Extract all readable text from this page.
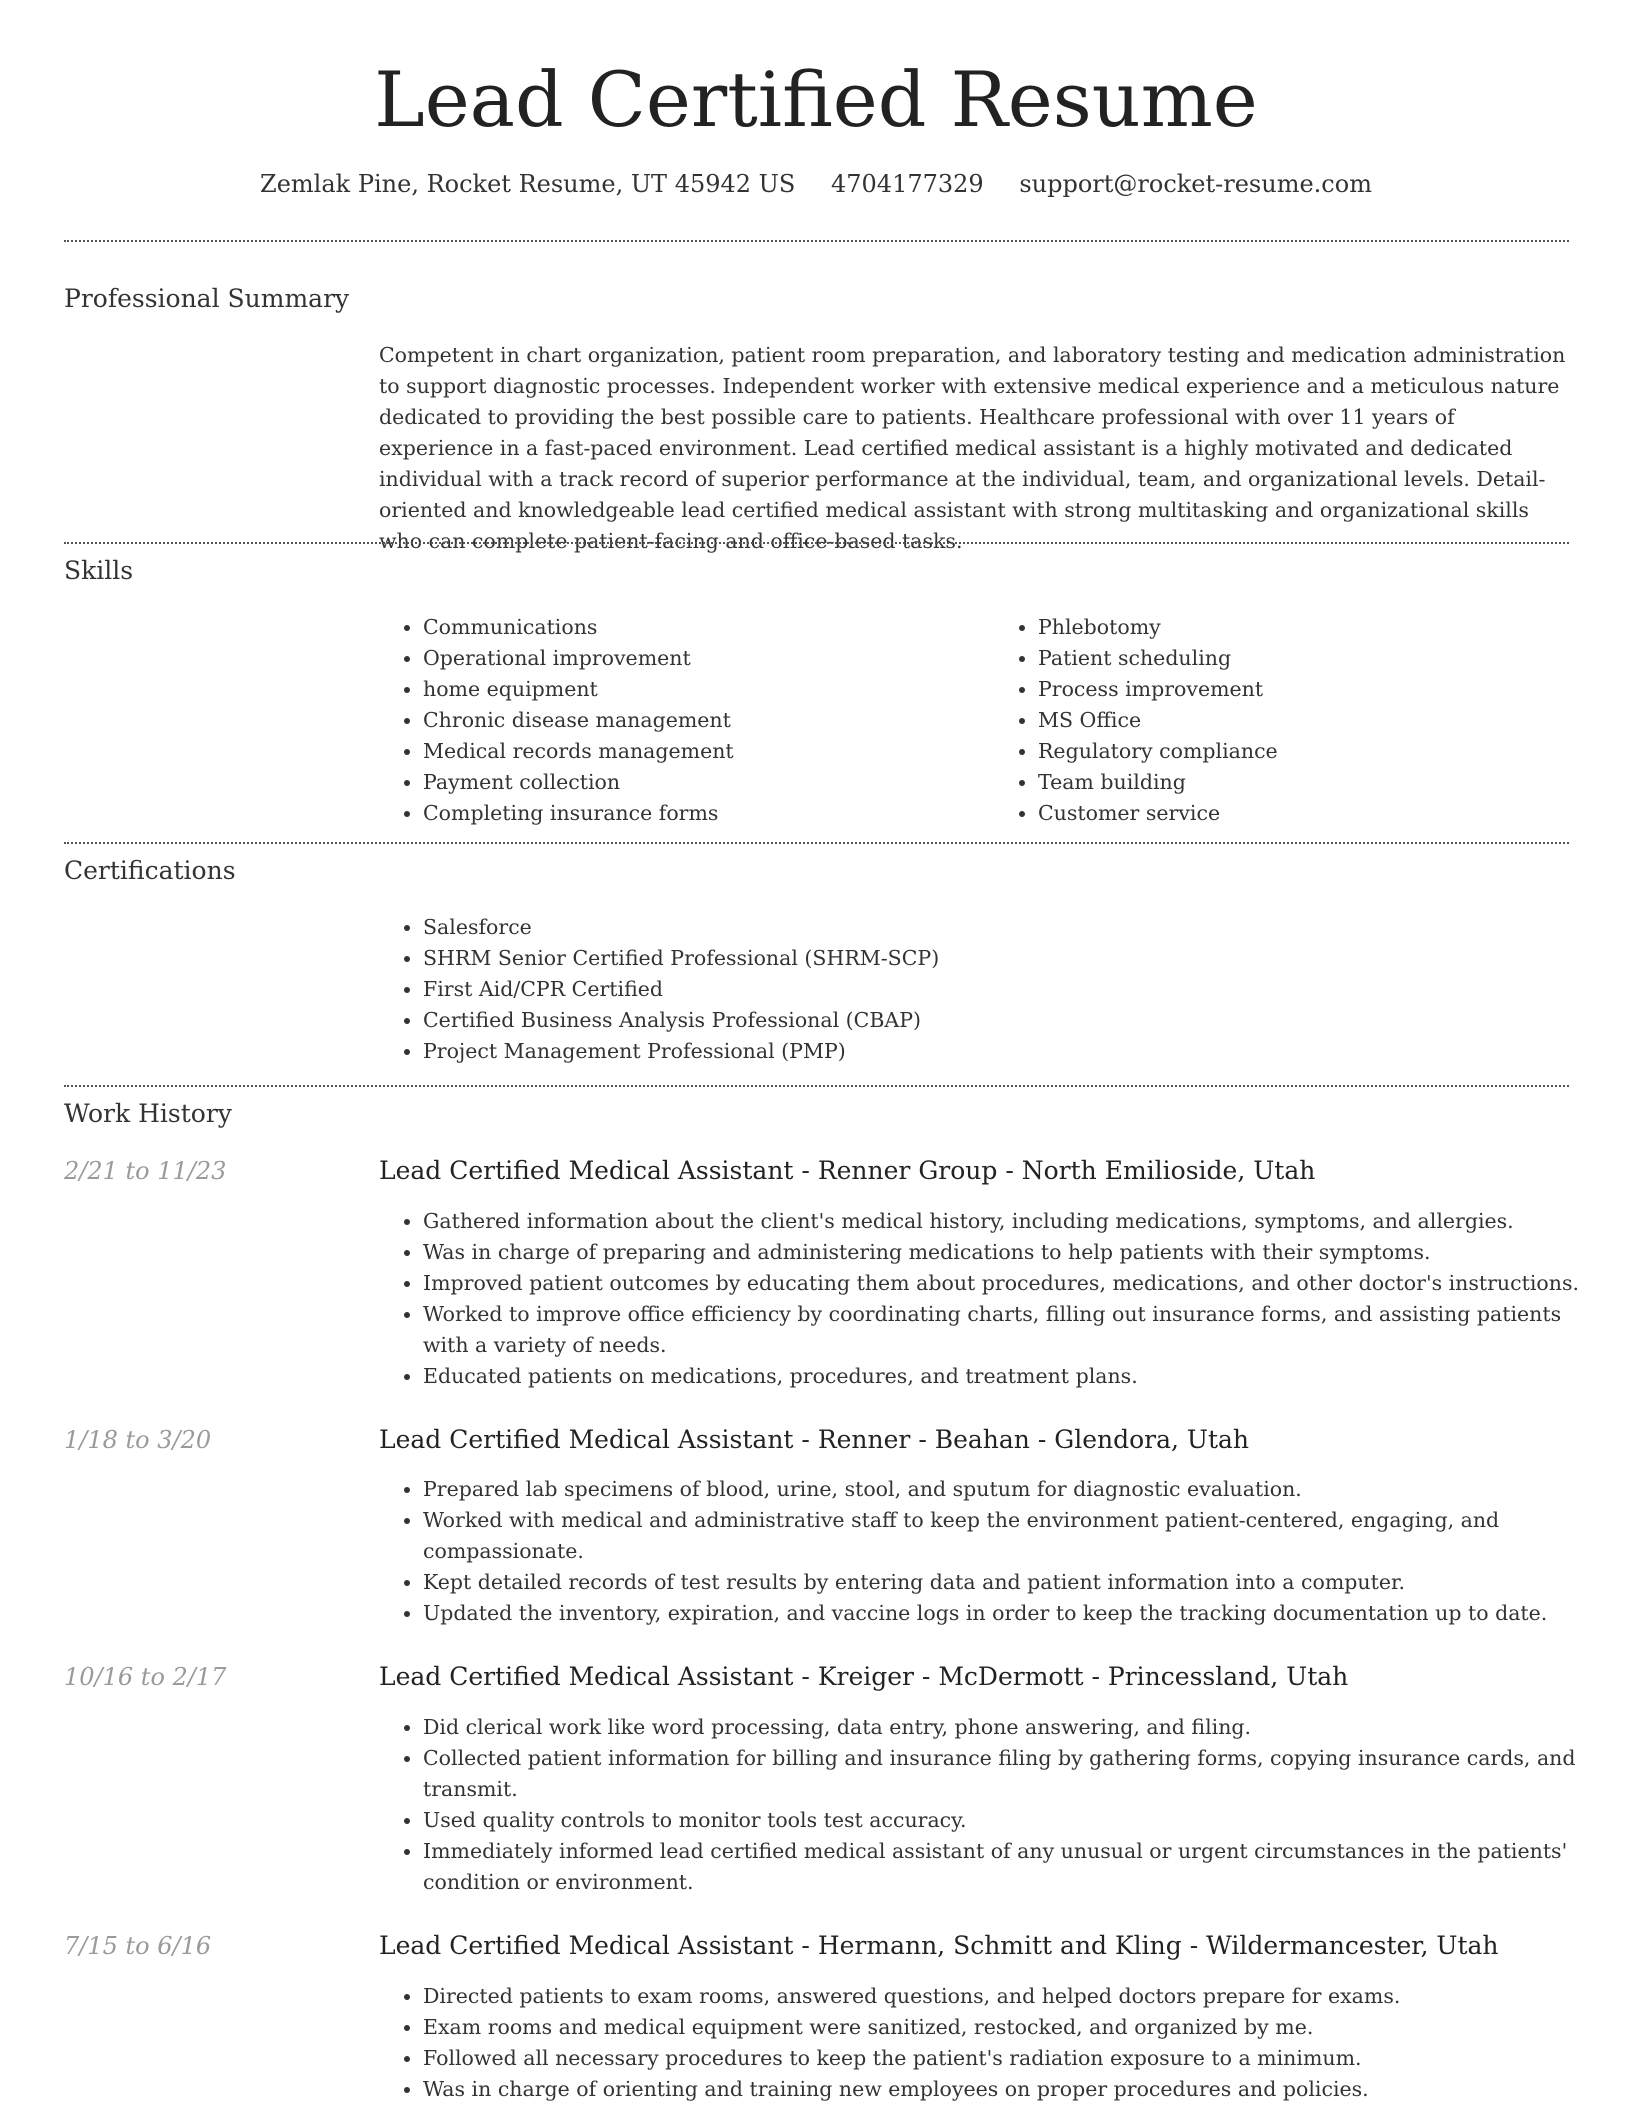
Lead Certified Resume
Zemlak Pine, Rocket Resume, UT 45942 US 4704177329 support@rocket-resume.com
Professional Summary

Competent in chart organization, patient room preparation, and laboratory testing and medication administration to support diagnostic processes. Independent worker with extensive medical experience and a meticulous nature dedicated to providing the best possible care to patients. Healthcare professional with over 11 years of experience in a fast-paced environment. Lead certified medical assistant is a highly motivated and dedicated individual with a track record of superior performance at the individual, team, and organizational levels. Detail-oriented and knowledgeable lead certified medical assistant with strong multitasking and organizational skills who can complete patient-facing and office-based tasks.

Skills
• Communications
• Operational improvement
• home equipment
• Chronic disease management
• Medical records management
• Payment collection
• Completing insurance forms
• Phlebotomy
• Patient scheduling
• Process improvement
• MS Office
• Regulatory compliance
• Team building
• Customer service
Certifications
• Salesforce
• SHRM Senior Certified Professional (SHRM-SCP)
• First Aid/CPR Certified
• Certified Business Analysis Professional (CBAP)
• Project Management Professional (PMP)
Work History
2/21 to 11/23	Lead Certified Medical Assistant - Renner Group - North Emilioside, Utah
• Gathered information about the client's medical history, including medications, symptoms, and allergies.
• Was in charge of preparing and administering medications to help patients with their symptoms.
• Improved patient outcomes by educating them about procedures, medications, and other doctor's instructions.
• Worked to improve office efficiency by coordinating charts, filling out insurance forms, and assisting patients with a variety of needs.
• Educated patients on medications, procedures, and treatment plans.
1/18 to 3/20	Lead Certified Medical Assistant - Renner - Beahan - Glendora, Utah
• Prepared lab specimens of blood, urine, stool, and sputum for diagnostic evaluation.
• Worked with medical and administrative staff to keep the environment patient-centered, engaging, and compassionate.
• Kept detailed records of test results by entering data and patient information into a computer.
• Updated the inventory, expiration, and vaccine logs in order to keep the tracking documentation up to date.
10/16 to 2/17	Lead Certified Medical Assistant - Kreiger - McDermott - Princessland, Utah
• Did clerical work like word processing, data entry, phone answering, and filing.
• Collected patient information for billing and insurance filing by gathering forms, copying insurance cards, and transmit.
• Used quality controls to monitor tools test accuracy.
• Immediately informed lead certified medical assistant of any unusual or urgent circumstances in the patients' condition or environment.
7/15 to 6/16	Lead Certified Medical Assistant - Hermann, Schmitt and Kling - Wildermancester, Utah
• Directed patients to exam rooms, answered questions, and helped doctors prepare for exams.
• Exam rooms and medical equipment were sanitized, restocked, and organized by me.
• Followed all necessary procedures to keep the patient's radiation exposure to a minimum.
• Was in charge of orienting and training new employees on proper procedures and policies.
